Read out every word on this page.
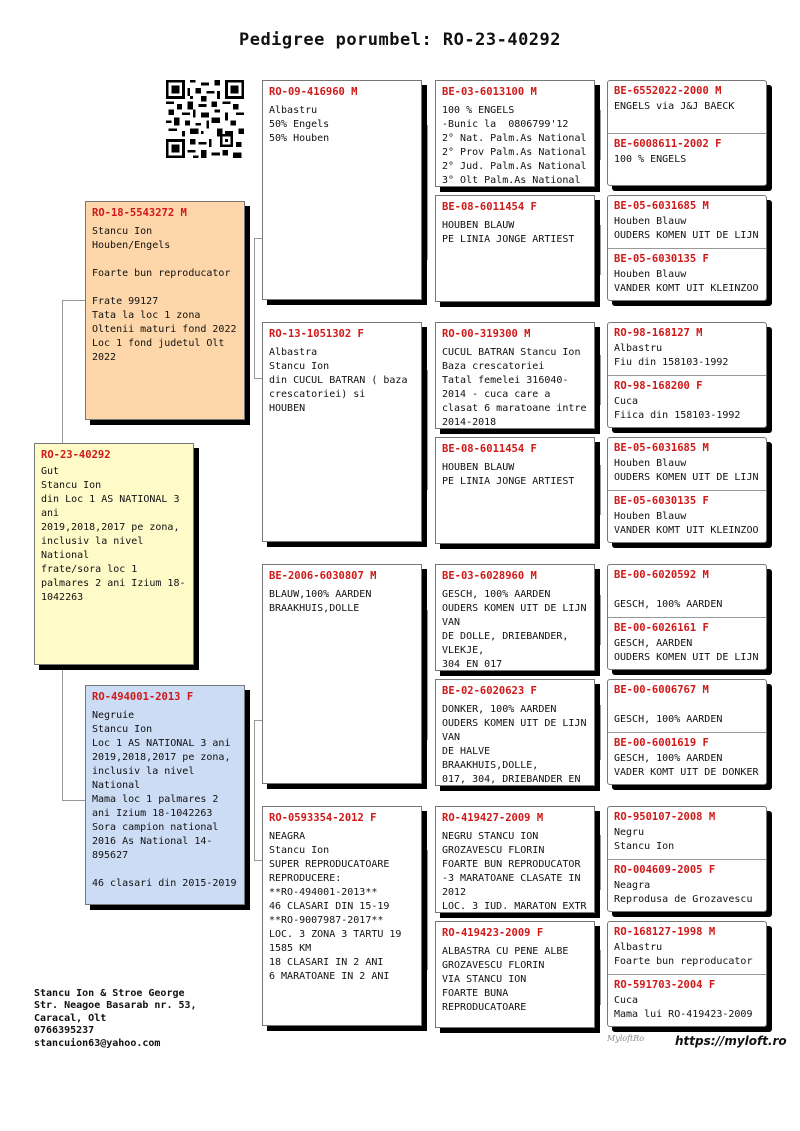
Pedigree porumbel: RO-23-40292
RO-23-40292
Gut
Stancu Ion
din Loc 1 AS NATIONAL 3 ani
2019,2018,2017 pe zona, inclusiv la nivel National
frate/sora loc 1 palmares 2 ani Izium 18-1042263
RO-18-5543272 M
Stancu Ion
Houben/Engels

Foarte bun reproducator

Frate 99127
Tata la loc 1 zona Oltenii maturi fond 2022
Loc 1 fond judetul Olt 2022
RO-494001-2013 F
Negruie
Stancu Ion
Loc 1 AS NATIONAL 3 ani 2019,2018,2017 pe zona, inclusiv la nivel National
Mama loc 1 palmares 2 ani Izium 18-1042263
Sora campion national 2016 As National 14-895627

46 clasari din 2015-2019
RO-09-416960 M
Albastru
50% Engels
50% Houben
RO-13-1051302 F
Albastra
Stancu Ion
din CUCUL BATRAN ( baza crescatoriei) si
HOUBEN
BE-2006-6030807 M
BLAUW,100% AARDEN
BRAAKHUIS,DOLLE
RO-0593354-2012 F
NEAGRA
Stancu Ion
SUPER REPRODUCATOARE
REPRODUCERE:
**RO-494001-2013**
46 CLASARI DIN 15-19
**RO-9007987-2017**
LOC. 3 ZONA 3 TARTU 19 1585 KM
18 CLASARI IN 2 ANI
6 MARATOANE IN 2 ANI
BE-03-6013100 M
100 % ENGELS
-Bunic la  0806799'12
2° Nat. Palm.As National
2° Prov Palm.As National
2° Jud. Palm.As National
3° Olt Palm.As National
BE-08-6011454 F
HOUBEN BLAUW
PE LINIA JONGE ARTIEST
RO-00-319300 M
CUCUL BATRAN Stancu Ion
Baza crescatoriei
Tatal femelei 316040-2014 - cuca care a clasat 6 maratoane intre 2014-2018
BE-08-6011454 F
HOUBEN BLAUW
PE LINIA JONGE ARTIEST
BE-03-6028960 M
GESCH, 100% AARDEN
OUDERS KOMEN UIT DE LIJN VAN
DE DOLLE, DRIEBANDER, VLEKJE,
304 EN 017
BE-02-6020623 F
DONKER, 100% AARDEN
OUDERS KOMEN UIT DE LIJN VAN
DE HALVE BRAAKHUIS,DOLLE,
017, 304, DRIEBANDER EN
RO-419427-2009 M
NEGRU STANCU ION
GROZAVESCU FLORIN
FOARTE BUN REPRODUCATOR
-3 MARATOANE CLASATE IN 2012
LOC. 3 IUD. MARATON EXTR
RO-419423-2009 F
ALBASTRA CU PENE ALBE
GROZAVESCU FLORIN
VIA STANCU ION
FOARTE BUNA REPRODUCATOARE
BE-6552022-2000 M
ENGELS via J&J BAECK
BE-6008611-2002 F
100 % ENGELS
BE-05-6031685 M
Houben Blauw
OUDERS KOMEN UIT DE LIJN
BE-05-6030135 F
Houben Blauw
VANDER KOMT UIT KLEINZOO
RO-98-168127 M
Albastru
Fiu din 158103-1992
RO-98-168200 F
Cuca
Fiica din 158103-1992
BE-05-6031685 M
Houben Blauw
OUDERS KOMEN UIT DE LIJN
BE-05-6030135 F
Houben Blauw
VANDER KOMT UIT KLEINZOO
BE-00-6020592 M

GESCH, 100% AARDEN
BE-00-6026161 F
GESCH, AARDEN
OUDERS KOMEN UIT DE LIJN
BE-00-6006767 M

GESCH, 100% AARDEN
BE-00-6001619 F
GESCH, 100% AARDEN
VADER KOMT UIT DE DONKER
RO-950107-2008 M
Negru
Stancu Ion
RO-004609-2005 F
Neagra
Reprodusa de Grozavescu
RO-168127-1998 M
Albastru
Foarte bun reproducator
RO-591703-2004 F
Cuca
Mama lui RO-419423-2009
Stancu Ion & Stroe George
Str. Neagoe Basarab nr. 53,
Caracal, Olt
0766395237
stancuion63@yahoo.com	MyloftRo	https://myloft.ro
